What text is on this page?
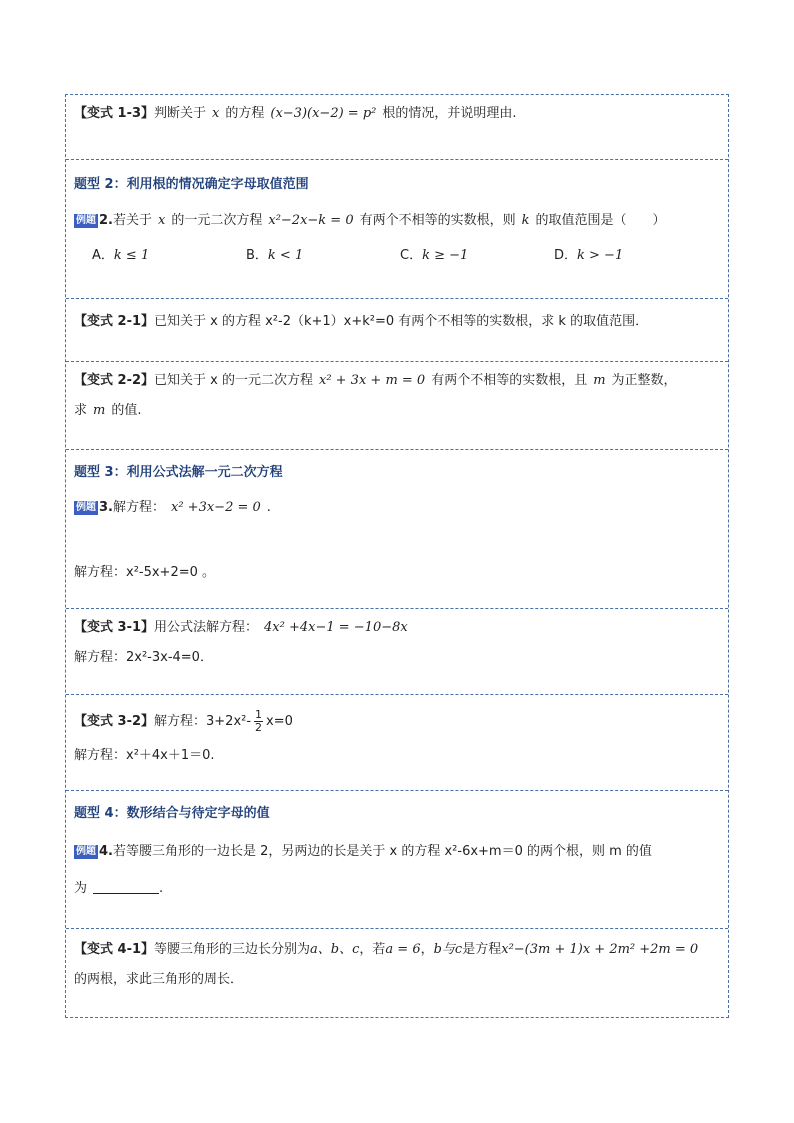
【变式 1-3】判断关于 x 的方程 (x−3)(x−2) = p² 根的情况，并说明理由.
题型 2：利用根的情况确定字母取值范围
例题 2.若关于 x 的一元二次方程 x²−2x−k = 0 有两个不相等的实数根，则 k 的取值范围是（　　）
A．k ≤ 1	B．k < 1	C．k ≥ −1	D．k > −1
【变式 2-1】已知关于 x 的方程 x²-2（k+1）x+k²=0 有两个不相等的实数根，求 k 的取值范围．
【变式 2-2】已知关于 x 的一元二次方程 x² + 3x + m = 0 有两个不相等的实数根，且 m 为正整数，
求 m 的值.
题型 3：利用公式法解一元二次方程
例题 3.解方程： x² +3x−2 = 0 .
解方程：x²-5x+2=0 。
【变式 3-1】用公式法解方程： 4x² +4x−1 = −10−8x
解方程：2x²-3x-4=0．
【变式 3-2】解方程：$3+2x^2- \frac{1}{2} x=0$
解方程：x²＋4x＋1＝0.
题型 4：数形结合与待定字母的值
例题 4.若等腰三角形的一边长是 2，另两边的长是关于 x 的方程 x²-6x+m＝0 的两个根，则 m 的值
为	.
【变式 4-1】等腰三角形的三边长分别为a、b、c，若a = 6，b与c是方程x²−(3m + 1)x + 2m² +2m = 0
的两根，求此三角形的周长．
